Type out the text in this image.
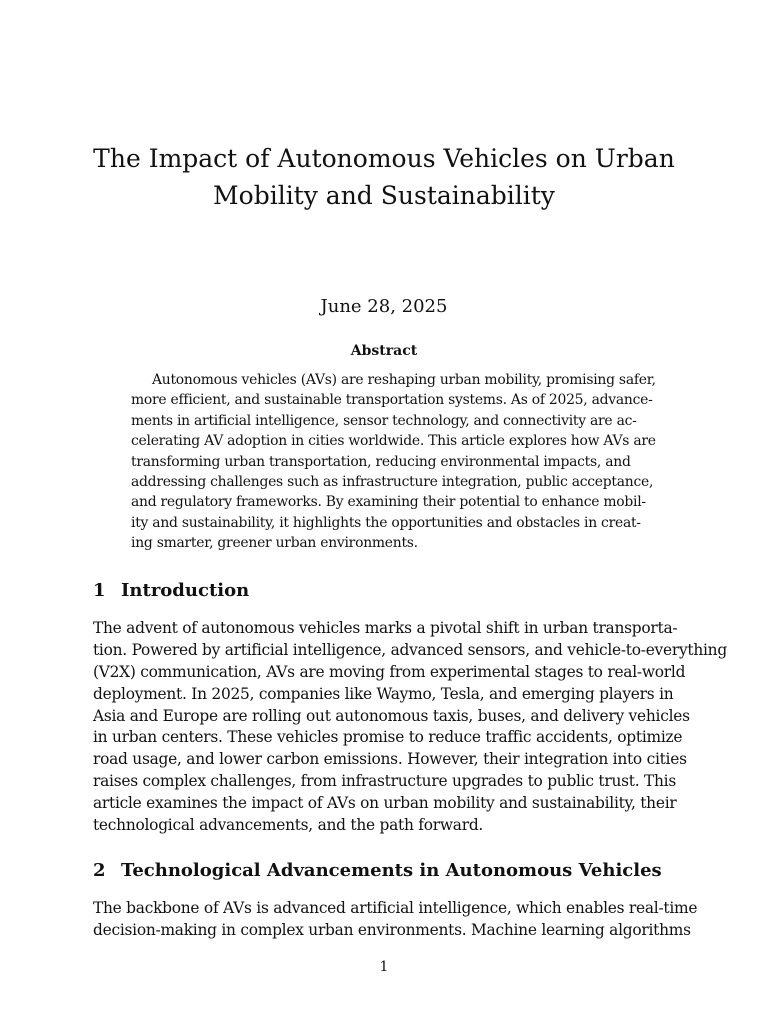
The Impact of Autonomous Vehicles on Urban
Mobility and Sustainability
June 28, 2025
Abstract
Autonomous vehicles (AVs) are reshaping urban mobility, promising safer,
more efficient, and sustainable transportation systems. As of 2025, advance-
ments in artificial intelligence, sensor technology, and connectivity are ac-
celerating AV adoption in cities worldwide. This article explores how AVs are
transforming urban transportation, reducing environmental impacts, and
addressing challenges such as infrastructure integration, public acceptance,
and regulatory frameworks. By examining their potential to enhance mobil-
ity and sustainability, it highlights the opportunities and obstacles in creat-
ing smarter, greener urban environments.
1 Introduction
The advent of autonomous vehicles marks a pivotal shift in urban transporta-
tion. Powered by artificial intelligence, advanced sensors, and vehicle-to-everything
(V2X) communication, AVs are moving from experimental stages to real-world
deployment. In 2025, companies like Waymo, Tesla, and emerging players in
Asia and Europe are rolling out autonomous taxis, buses, and delivery vehicles
in urban centers. These vehicles promise to reduce traffic accidents, optimize
road usage, and lower carbon emissions. However, their integration into cities
raises complex challenges, from infrastructure upgrades to public trust. This
article examines the impact of AVs on urban mobility and sustainability, their
technological advancements, and the path forward.
2 Technological Advancements in Autonomous Vehicles
The backbone of AVs is advanced artificial intelligence, which enables real-time
decision-making in complex urban environments. Machine learning algorithms
1
